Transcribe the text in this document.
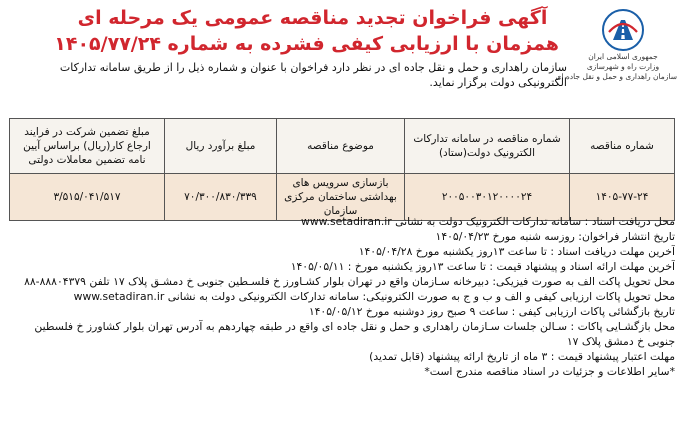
جمهوری اسلامی ایران
وزارت راه و شهرسازی
سازمان راهداری و حمل و نقل جاده ای
آگهی فراخوان تجدید مناقصه عمومی یک مرحله ای
همزمان با ارزیابی کیفی فشرده به شماره ۱۴۰۵/۷۷/۲۴
سازمان راهداری و حمل و نقل جاده ای در نظر دارد فراخوان با عنوان و شماره ذیل را از طریق سامانه تدارکات الکترونیکی دولت برگزار نماید.
شماره مناقصه	شماره مناقصه در سامانه تدارکات الکترونیک دولت(ستاد)	موضوع مناقصه	مبلغ برآورد ریال	مبلغ تضمین شرکت در فرایند ارجاع کار(ریال) براساس آیین نامه تضمین معاملات دولتی
۱۴۰۵-۷۷-۲۴	۲۰۰۵۰۰۳۰۱۲۰۰۰۰۲۴	بازسازی سرویس های بهداشتی ساختمان مرکزی سازمان	۷۰/۳۰۰/۸۳۰/۳۳۹	۳/۵۱۵/۰۴۱/۵۱۷
محل دریافت اسناد : سامانه تدارکات الکترونیک دولت به نشانی www.setadiran.ir
تاریخ انتشار فراخوان: روزسه شنبه مورخ ۱۴۰۵/۰۴/۲۳
آخرین مهلت دریافت اسناد : تا ساعت ۱۳روز یکشنبه مورخ ۱۴۰۵/۰۴/۲۸
آخرین مهلت ارائه اسناد و پیشنهاد قیمت : تا ساعت ۱۳روز یکشنبه مورخ : ۱۴۰۵/۰۵/۱۱
محل تحویل پاکت الف به صورت فیزیکی: دبیرخانه سـازمان واقع در تهران بلوار کشـاورز خ فلسـطین جنوبی خ دمشـق پلاک ۱۷ تلفن ۸۸۸۰۴۳۷۹-۸۸
محل تحویل پاکات ارزیابی کیفی و الف و ب و ج به صورت الکترونیکی: سامانه تدارکات الکترونیکی دولت به نشانی www.setadiran.ir
تاریخ بازگشائی پاکات ارزیابی کیفی : ساعت ۹ صبح روز دوشنبه مورخ ۱۴۰۵/۰۵/۱۲
محل بازگشـایی پاکات : سـالن جلسات سـازمان راهداری و حمل و نقل جاده ای واقع در طبقه چهاردهم به آدرس تهران بلوار کشاورز خ فلسطین جنوبی خ دمشق پلاک ۱۷
مهلت اعتبار پیشنهاد قیمت : ۳ ماه از تاریخ ارائه پیشنهاد (قابل تمدید)
*سایر اطلاعات و جزئیات در اسناد مناقصه مندرج است*
